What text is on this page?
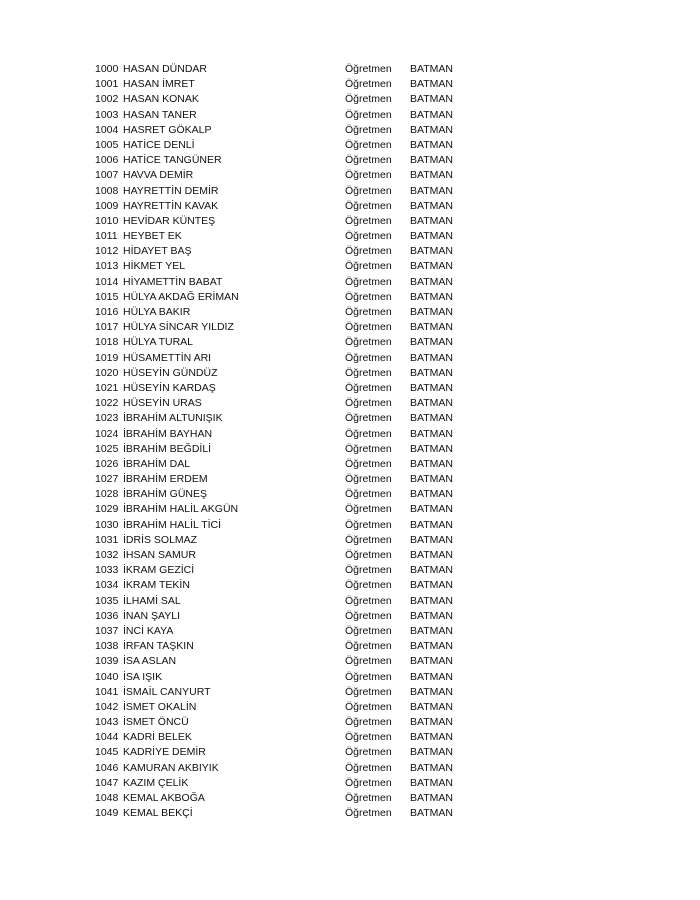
1000 HASAN DÜNDAR	Öğretmen BATMAN
1001 HASAN İMRET	Öğretmen BATMAN
1002 HASAN KONAK	Öğretmen BATMAN
1003 HASAN TANER	Öğretmen BATMAN
1004 HASRET GÖKALP	Öğretmen BATMAN
1005 HATİCE DENLİ	Öğretmen BATMAN
1006 HATİCE TANGÜNER	Öğretmen BATMAN
1007 HAVVA DEMİR	Öğretmen BATMAN
1008 HAYRETTİN DEMİR	Öğretmen BATMAN
1009 HAYRETTİN KAVAK	Öğretmen BATMAN
1010 HEVİDAR KÜNTEŞ	Öğretmen BATMAN
1011 HEYBET EK	Öğretmen BATMAN
1012 HİDAYET BAŞ	Öğretmen BATMAN
1013 HİKMET YEL	Öğretmen BATMAN
1014 HİYAMETTİN BABAT	Öğretmen BATMAN
1015 HÜLYA AKDAĞ ERİMAN	Öğretmen BATMAN
1016 HÜLYA BAKIR	Öğretmen BATMAN
1017 HÜLYA SİNCAR YILDIZ	Öğretmen BATMAN
1018 HÜLYA TURAL	Öğretmen BATMAN
1019 HÜSAMETTİN ARI	Öğretmen BATMAN
1020 HÜSEYİN GÜNDÜZ	Öğretmen BATMAN
1021 HÜSEYİN KARDAŞ	Öğretmen BATMAN
1022 HÜSEYİN URAS	Öğretmen BATMAN
1023 İBRAHİM ALTUNIŞIK	Öğretmen BATMAN
1024 İBRAHİM BAYHAN	Öğretmen BATMAN
1025 İBRAHİM BEĞDİLİ	Öğretmen BATMAN
1026 İBRAHİM DAL	Öğretmen BATMAN
1027 İBRAHİM ERDEM	Öğretmen BATMAN
1028 İBRAHİM GÜNEŞ	Öğretmen BATMAN
1029 İBRAHİM HALİL AKGÜN	Öğretmen BATMAN
1030 İBRAHİM HALİL TİCİ	Öğretmen BATMAN
1031 İDRİS SOLMAZ	Öğretmen BATMAN
1032 İHSAN SAMUR	Öğretmen BATMAN
1033 İKRAM GEZİCİ	Öğretmen BATMAN
1034 İKRAM TEKİN	Öğretmen BATMAN
1035 İLHAMİ SAL	Öğretmen BATMAN
1036 İNAN ŞAYLI	Öğretmen BATMAN
1037 İNCİ KAYA	Öğretmen BATMAN
1038 İRFAN TAŞKIN	Öğretmen BATMAN
1039 İSA ASLAN	Öğretmen BATMAN
1040 İSA IŞIK	Öğretmen BATMAN
1041 İSMAİL CANYURT	Öğretmen BATMAN
1042 İSMET OKALİN	Öğretmen BATMAN
1043 İSMET ÖNCÜ	Öğretmen BATMAN
1044 KADRİ BELEK	Öğretmen BATMAN
1045 KADRİYE DEMİR	Öğretmen BATMAN
1046 KAMURAN AKBIYIK	Öğretmen BATMAN
1047 KAZIM ÇELİK	Öğretmen BATMAN
1048 KEMAL AKBOĞA	Öğretmen BATMAN
1049 KEMAL BEKÇİ	Öğretmen BATMAN
